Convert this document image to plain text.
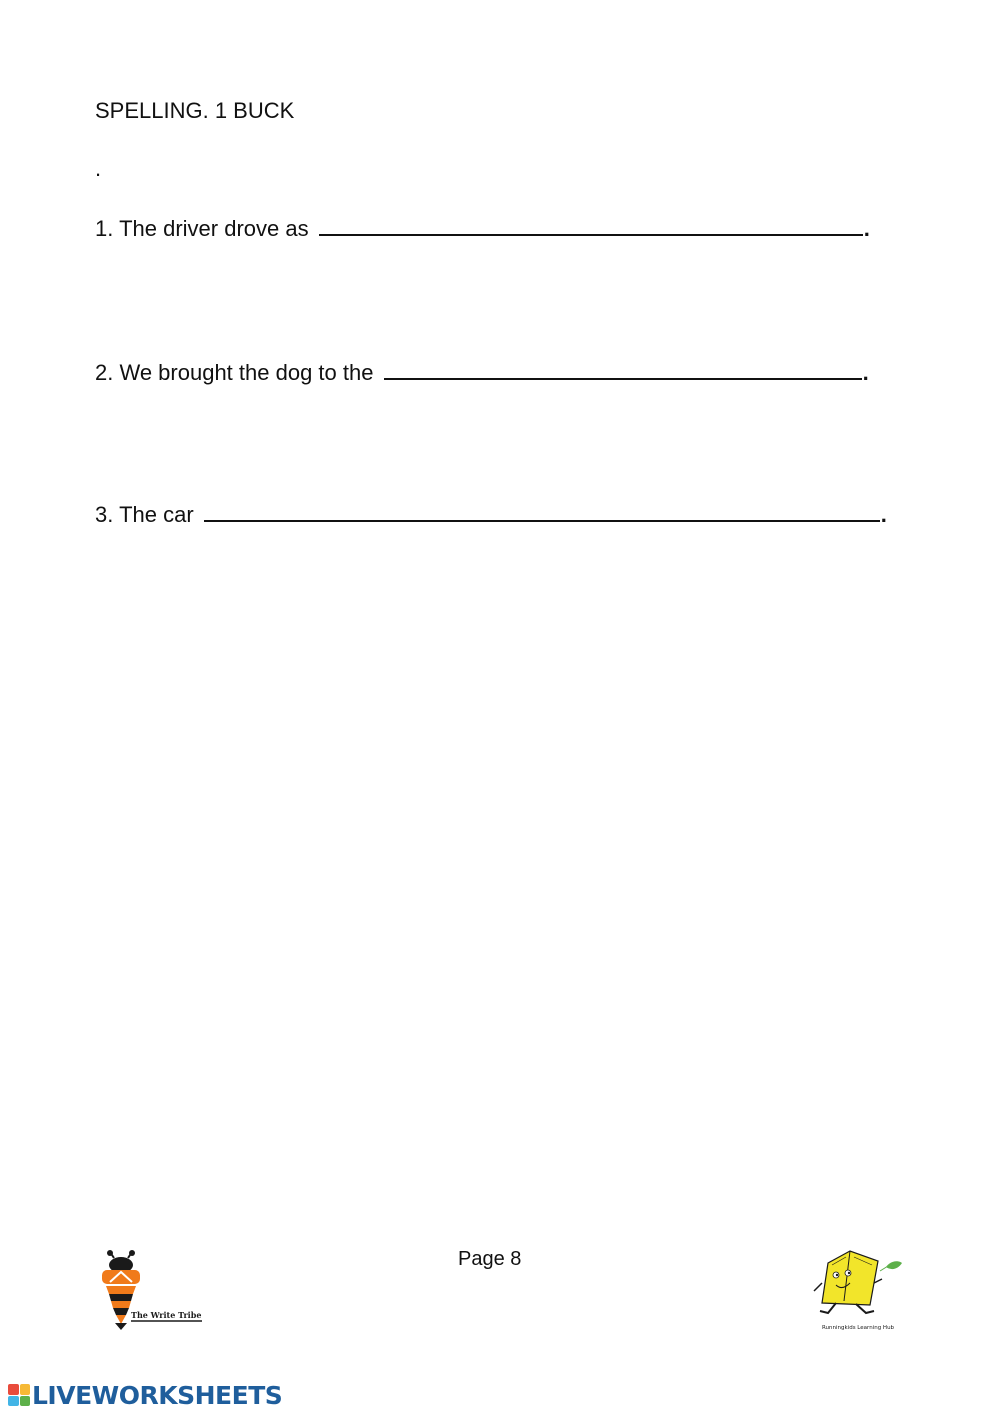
SPELLING. 1 BUCK

.

1. The driver drove as	.

2. We brought the dog to the	.

3. The car	.

Page 8
The Write Tribe
Runningkids Learning Hub
LIVEWORKSHEETS
